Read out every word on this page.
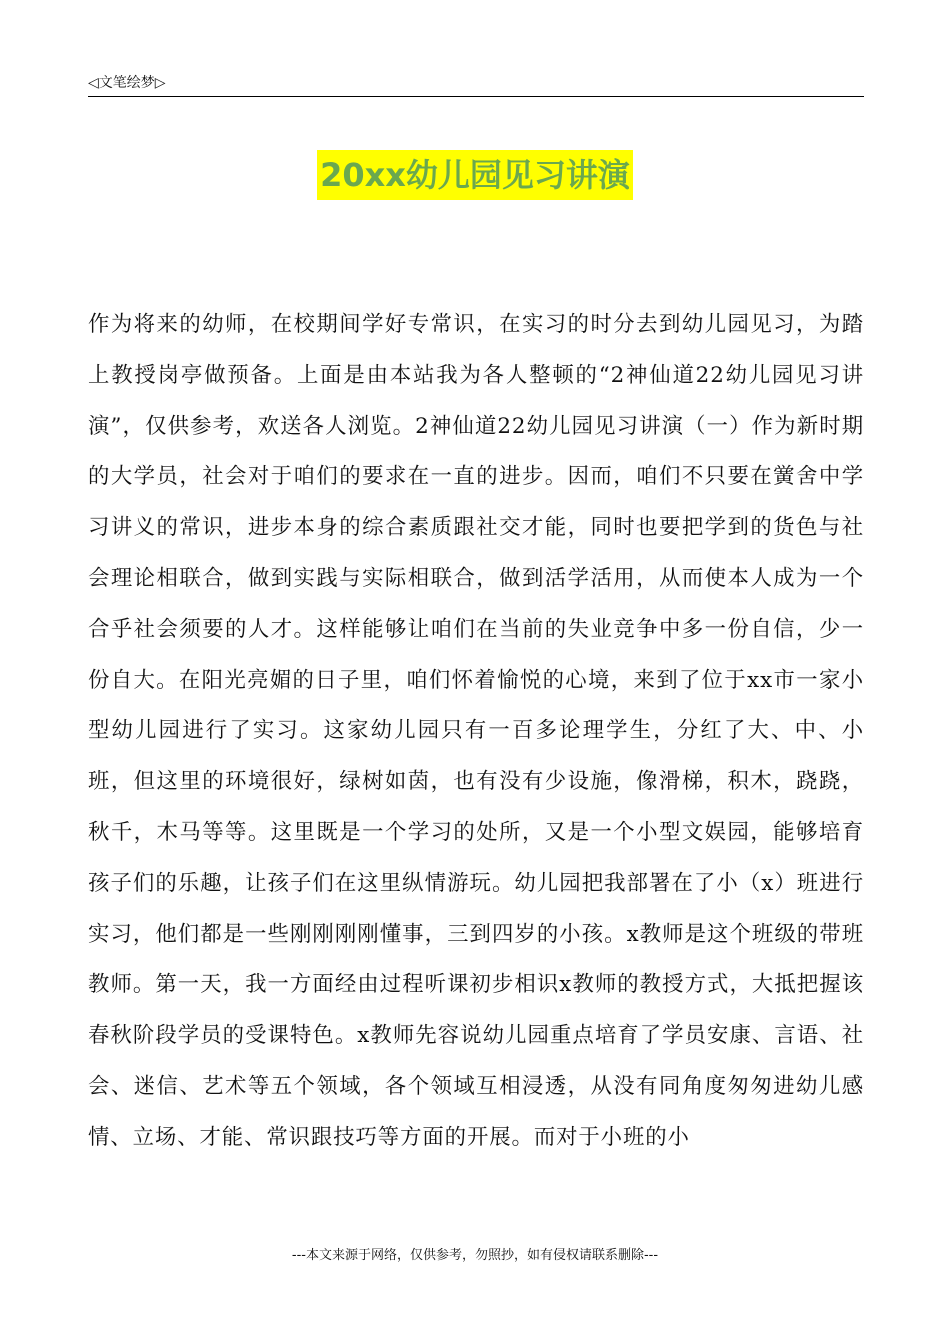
◁文笔绘梦▷
20xx幼儿园见习讲演

作为将来的幼师，在校期间学好专常识，在实习的时分去到幼儿园见习，为踏上教授岗亭做预备。上面是由本站我为各人整顿的“2神仙道22幼儿园见习讲演”，仅供参考，欢送各人浏览。2神仙道22幼儿园见习讲演（一）作为新时期的大学员，社会对于咱们的要求在一直的进步。因而，咱们不只要在黉舍中学习讲义的常识，进步本身的综合素质跟社交才能，同时也要把学到的货色与社会理论相联合，做到实践与实际相联合，做到活学活用，从而使本人成为一个合乎社会须要的人才。这样能够让咱们在当前的失业竞争中多一份自信，少一份自大。在阳光亮媚的日子里，咱们怀着愉悦的心境，来到了位于xx市一家小型幼儿园进行了实习。这家幼儿园只有一百多论理学生，分红了大、中、小班，但这里的环境很好，绿树如茵，也有没有少设施，像滑梯，积木，跷跷，秋千，木马等等。这里既是一个学习的处所，又是一个小型文娱园，能够培育孩子们的乐趣，让孩子们在这里纵情游玩。幼儿园把我部署在了小（x）班进行实习，他们都是一些刚刚刚刚懂事，三到四岁的小孩。x教师是这个班级的带班教师。第一天，我一方面经由过程听课初步相识x教师的教授方式，大抵把握该春秋阶段学员的受课特色。x教师先容说幼儿园重点培育了学员安康、言语、社会、迷信、艺术等五个领域，各个领域互相浸透，从没有同角度匆匆进幼儿感情、立场、才能、常识跟技巧等方面的开展。而对于小班的小

---本文来源于网络，仅供参考，勿照抄，如有侵权请联系删除---
